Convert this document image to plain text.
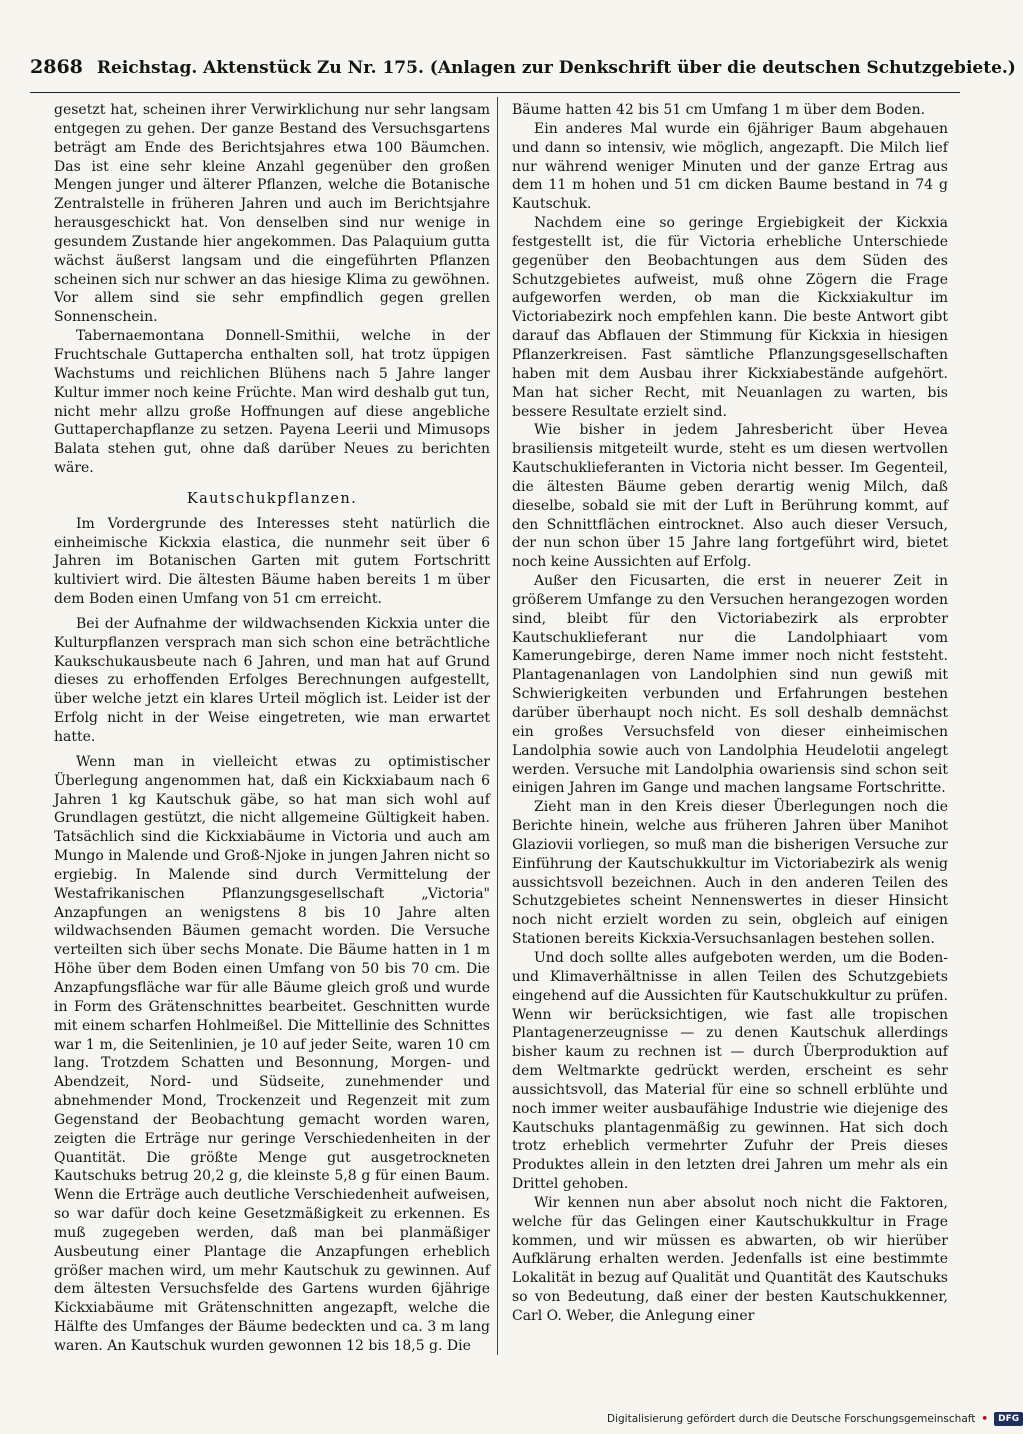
2868 Reichstag. Aktenstück Zu Nr. 175. (Anlagen zur Denkschrift über die deutschen Schutzgebiete.)

gesetzt hat, scheinen ihrer Verwirklichung nur sehr langsam entgegen zu gehen. Der ganze Bestand des Versuchsgartens beträgt am Ende des Berichtsjahres etwa 100 Bäumchen. Das ist eine sehr kleine Anzahl gegenüber den großen Mengen junger und älterer Pflanzen, welche die Botanische Zentralstelle in früheren Jahren und auch im Berichtsjahre herausgeschickt hat. Von denselben sind nur wenige in gesundem Zustande hier angekommen. Das Palaquium gutta wächst äußerst langsam und die eingeführten Pflanzen scheinen sich nur schwer an das hiesige Klima zu gewöhnen. Vor allem sind sie sehr empfindlich gegen grellen Sonnenschein.

Tabernaemontana Donnell-Smithii, welche in der Fruchtschale Guttapercha enthalten soll, hat trotz üppigen Wachstums und reichlichen Blühens nach 5 Jahre langer Kultur immer noch keine Früchte. Man wird deshalb gut tun, nicht mehr allzu große Hoffnungen auf diese angebliche Guttaperchapflanze zu setzen. Payena Leerii und Mimusops Balata stehen gut, ohne daß darüber Neues zu berichten wäre.

Kautschukpflanzen.

Im Vordergrunde des Interesses steht natürlich die einheimische Kickxia elastica, die nunmehr seit über 6 Jahren im Botanischen Garten mit gutem Fortschritt kultiviert wird. Die ältesten Bäume haben bereits 1 m über dem Boden einen Umfang von 51 cm erreicht.

Bei der Aufnahme der wildwachsenden Kickxia unter die Kulturpflanzen versprach man sich schon eine beträchtliche Kaukschukausbeute nach 6 Jahren, und man hat auf Grund dieses zu erhoffenden Erfolges Berechnungen aufgestellt, über welche jetzt ein klares Urteil möglich ist. Leider ist der Erfolg nicht in der Weise eingetreten, wie man erwartet hatte.

Wenn man in vielleicht etwas zu optimistischer Überlegung angenommen hat, daß ein Kickxiabaum nach 6 Jahren 1 kg Kautschuk gäbe, so hat man sich wohl auf Grundlagen gestützt, die nicht allgemeine Gültigkeit haben. Tatsächlich sind die Kickxiabäume in Victoria und auch am Mungo in Malende und Groß-Njoke in jungen Jahren nicht so ergiebig. In Malende sind durch Vermittelung der Westafrikanischen Pflanzungsgesellschaft „Victoria" Anzapfungen an wenigstens 8 bis 10 Jahre alten wildwachsenden Bäumen gemacht worden. Die Versuche verteilten sich über sechs Monate. Die Bäume hatten in 1 m Höhe über dem Boden einen Umfang von 50 bis 70 cm. Die Anzapfungsfläche war für alle Bäume gleich groß und wurde in Form des Grätenschnittes bearbeitet. Geschnitten wurde mit einem scharfen Hohlmeißel. Die Mittellinie des Schnittes war 1 m, die Seitenlinien, je 10 auf jeder Seite, waren 10 cm lang. Trotzdem Schatten und Besonnung, Morgen- und Abendzeit, Nord- und Südseite, zunehmender und abnehmender Mond, Trockenzeit und Regenzeit mit zum Gegenstand der Beobachtung gemacht worden waren, zeigten die Erträge nur geringe Verschiedenheiten in der Quantität. Die größte Menge gut ausgetrockneten Kautschuks betrug 20,2 g, die kleinste 5,8 g für einen Baum. Wenn die Erträge auch deutliche Verschiedenheit aufweisen, so war dafür doch keine Gesetzmäßigkeit zu erkennen. Es muß zugegeben werden, daß man bei planmäßiger Ausbeutung einer Plantage die Anzapfungen erheblich größer machen wird, um mehr Kautschuk zu gewinnen. Auf dem ältesten Versuchsfelde des Gartens wurden 6jährige Kickxiabäume mit Grätenschnitten angezapft, welche die Hälfte des Umfanges der Bäume bedeckten und ca. 3 m lang waren. An Kautschuk wurden gewonnen 12 bis 18,5 g. Die

Bäume hatten 42 bis 51 cm Umfang 1 m über dem Boden.

Ein anderes Mal wurde ein 6jähriger Baum abgehauen und dann so intensiv, wie möglich, angezapft. Die Milch lief nur während weniger Minuten und der ganze Ertrag aus dem 11 m hohen und 51 cm dicken Baume bestand in 74 g Kautschuk.

Nachdem eine so geringe Ergiebigkeit der Kickxia festgestellt ist, die für Victoria erhebliche Unterschiede gegenüber den Beobachtungen aus dem Süden des Schutzgebietes aufweist, muß ohne Zögern die Frage aufgeworfen werden, ob man die Kickxiakultur im Victoriabezirk noch empfehlen kann. Die beste Antwort gibt darauf das Abflauen der Stimmung für Kickxia in hiesigen Pflanzerkreisen. Fast sämtliche Pflanzungsgesellschaften haben mit dem Ausbau ihrer Kickxiabestände aufgehört. Man hat sicher Recht, mit Neuanlagen zu warten, bis bessere Resultate erzielt sind.

Wie bisher in jedem Jahresbericht über Hevea brasiliensis mitgeteilt wurde, steht es um diesen wertvollen Kautschuklieferanten in Victoria nicht besser. Im Gegenteil, die ältesten Bäume geben derartig wenig Milch, daß dieselbe, sobald sie mit der Luft in Berührung kommt, auf den Schnittflächen eintrocknet. Also auch dieser Versuch, der nun schon über 15 Jahre lang fortgeführt wird, bietet noch keine Aussichten auf Erfolg.

Außer den Ficusarten, die erst in neuerer Zeit in größerem Umfange zu den Versuchen herangezogen worden sind, bleibt für den Victoriabezirk als erprobter Kautschuklieferant nur die Landolphiaart vom Kamerungebirge, deren Name immer noch nicht feststeht. Plantagenanlagen von Landolphien sind nun gewiß mit Schwierigkeiten verbunden und Erfahrungen bestehen darüber überhaupt noch nicht. Es soll deshalb demnächst ein großes Versuchsfeld von dieser einheimischen Landolphia sowie auch von Landolphia Heudelotii angelegt werden. Versuche mit Landolphia owariensis sind schon seit einigen Jahren im Gange und machen langsame Fortschritte.

Zieht man in den Kreis dieser Überlegungen noch die Berichte hinein, welche aus früheren Jahren über Manihot Glaziovii vorliegen, so muß man die bisherigen Versuche zur Einführung der Kautschukkultur im Victoriabezirk als wenig aussichtsvoll bezeichnen. Auch in den anderen Teilen des Schutzgebietes scheint Nennenswertes in dieser Hinsicht noch nicht erzielt worden zu sein, obgleich auf einigen Stationen bereits Kickxia-Versuchsanlagen bestehen sollen.

Und doch sollte alles aufgeboten werden, um die Boden- und Klimaverhältnisse in allen Teilen des Schutzgebiets eingehend auf die Aussichten für Kautschukkultur zu prüfen. Wenn wir berücksichtigen, wie fast alle tropischen Plantagenerzeugnisse — zu denen Kautschuk allerdings bisher kaum zu rechnen ist — durch Überproduktion auf dem Weltmarkte gedrückt werden, erscheint es sehr aussichtsvoll, das Material für eine so schnell erblühte und noch immer weiter ausbaufähige Industrie wie diejenige des Kautschuks plantagenmäßig zu gewinnen. Hat sich doch trotz erheblich vermehrter Zufuhr der Preis dieses Produktes allein in den letzten drei Jahren um mehr als ein Drittel gehoben.

Wir kennen nun aber absolut noch nicht die Faktoren, welche für das Gelingen einer Kautschukkultur in Frage kommen, und wir müssen es abwarten, ob wir hierüber Aufklärung erhalten werden. Jedenfalls ist eine bestimmte Lokalität in bezug auf Qualität und Quantität des Kautschuks so von Bedeutung, daß einer der besten Kautschukkenner, Carl O. Weber, die Anlegung einer

Digitalisierung gefördert durch die Deutsche Forschungsgemeinschaft •	DFG
